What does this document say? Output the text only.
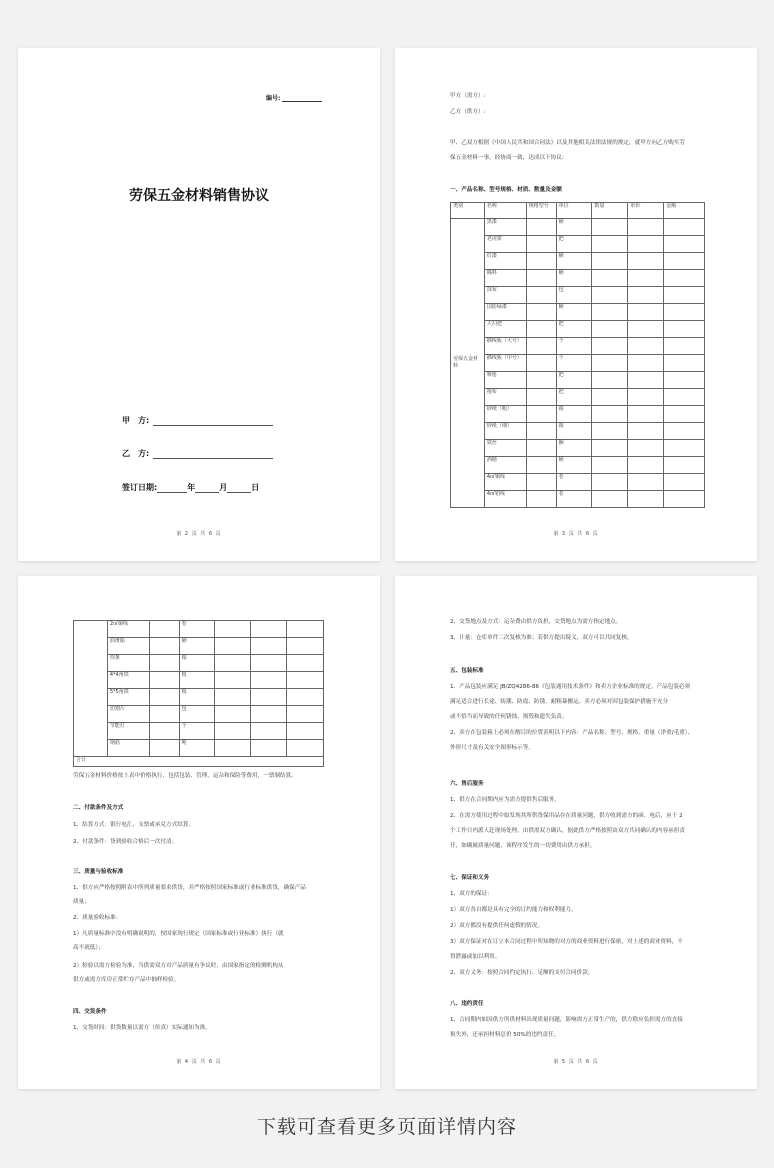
编号:
劳保五金材料销售协议
甲　方:
乙　方:
签订日期:	年	月	日
第 2 页 共 6 页
甲方（需方）:
乙方（供方）:
甲、乙双方根据《中国人民共和国合同法》以及其他相关法律法规的规定，就甲方向乙方购买劳
保五金材料一事，经协商一致，达成以下协议:
一、产品名称、型号规格、材质、数量及金额
类别	名称	规格型号	单位	数量	单价	金额
劳保五金材料	黑漆		桶			
	老虎钳		把			
	红漆		桶			
	稀料		桶			
	抹布		包			
	国防绿漆		桶			
	大扫把		把			
	插线板（大号）		个			
	插线板（中号）		个			
	喷枪		把			
	拖布		把			
	砂纸（粗）		箱			
	砂纸（细）		箱			
	铁丝		捆			
	酒精		桶			
	4㎡铜线		卷			
	4㎡铝线		卷			
第 3 页 共 6 页
	2㎡铜线		卷			
	润滑脂		桶			
	焊条		箱			
	4*4角铁		根			
	5*5角铁		根			
	切割片		包			
	节能灯		个			
	钢筋		吨			
合计						
劳保五金材料价格按上表中价格执行，包括包装、管理、运杂和保险等费用，一票制结算。
二、付款条件及方式
1、结算方式：银行电汇、支票或承兑方式结算。
2、付款条件：货到验收合格后一次付清。
三、质量与验收标准
1、供方应严格按照附表中所列质量要求供货，并严格按照国家标准或行业标准供货，确保产品
质量；
2、质量验收标准：
1）凡质量标准中没有明确说明的，按国家现行规定（国家标准或行业标准）执行（就
高不就低）；
2）检验以需方检验为准，当供需双方对产品质量有争议时，由国家指定的检测机构从
供方或需方库房正常贮存产品中抽样检验。
四、交货条件
1、交货时间：供货数量以需方（传真）实际通知为准。
第 4 页 共 6 页
2、交货地点及方式：运杂费由供方负担，交货地点为需方指定地点。
3、计量：仓库单件二次复核为准；若供方提出疑义，双方可以共同复核。
五、包装标准
1、产品包装应满足 JB/ZQ4286-86《包装通用技术条件》和卖方企业标准的规定。产品包装必须
满足适合进行长途、防潮、防震、防锈、耐粗暴搬运。卖方必须对因包装保护措施不充分
或不恰当而导致的任何锈蚀、损毁和遗失负责。
2、卖方在包装箱上必须在醒目的位置表明以下内容：产品名称、型号、规格、重量（净重/毛重）、
外形尺寸及有关安全图形标示等。
六、售后服务
1、供方在合同期内应为需方提供售后服务。
2、在需方使用过程中如发现其所供货保用品存在质量问题，供方收到需方的函、电后，应于 2
个工作日内派人赴现场处理，由供需双方确认，据此供方严格按照由双方共同确认的内容承担责
任，如确属质量问题，该程序发生的一切费用由供方承担。
七、保证和义务
1、双方的保证：
1）双方各自都是具有完全的订约能力和权利能力。
2）双方都没有提供任何虚假的情况。
3）双方保证对在订立本合同过程中所知晓的对方的商业资料进行保密，对上述的商业资料，不
得泄露或加以利用。
2、双方义务：按照合同约定执行、足额的支付合同价款。
八、违约责任
1、合同期内如因供方所供材料出现质量问题，影响需方正常生产的，供方除应负担需方的直接
损失外，还承担材料总价 50%的违约责任。
第 5 页 共 6 页
下载可查看更多页面详情内容
